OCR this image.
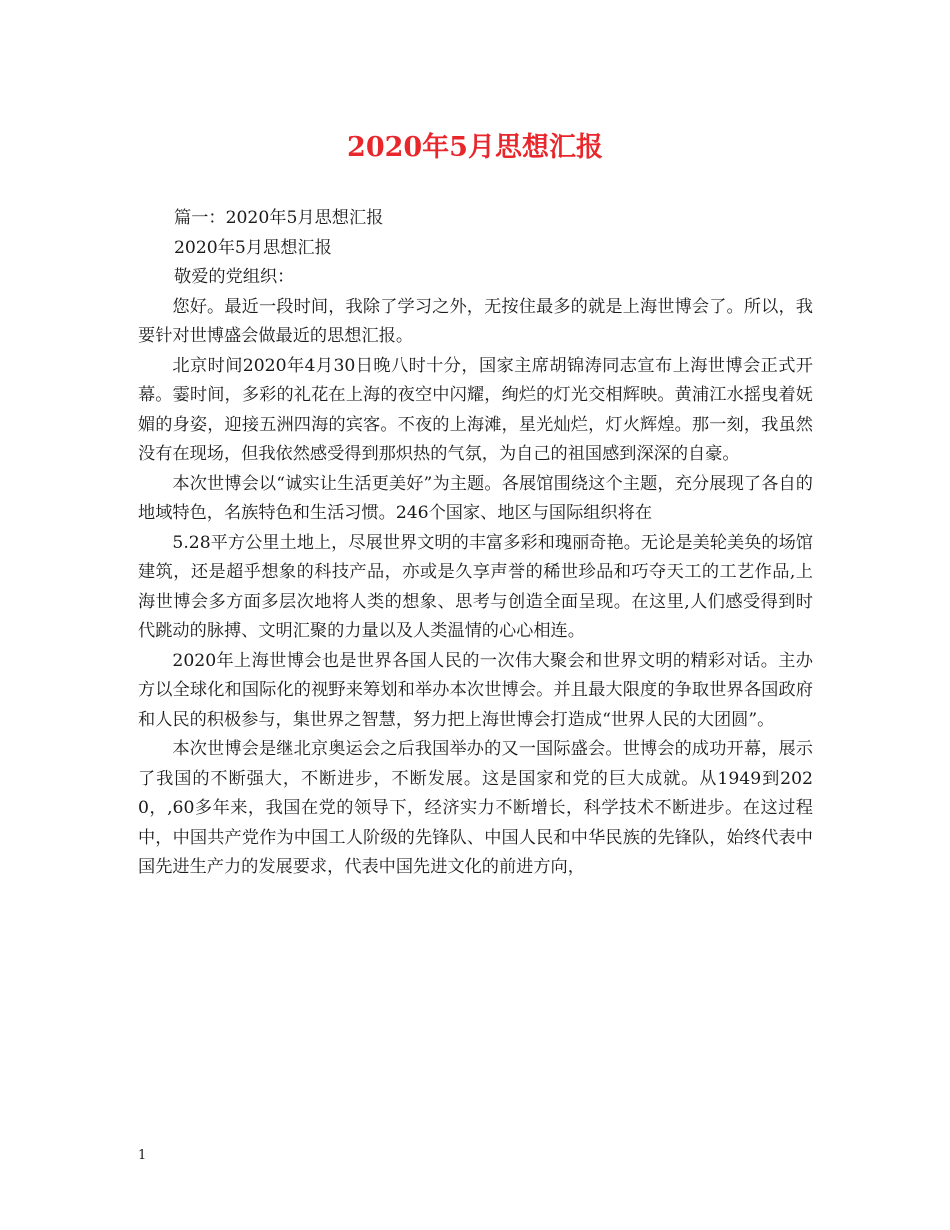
2020年5月思想汇报

篇一：2020年5月思想汇报

2020年5月思想汇报

敬爱的党组织：

您好。最近一段时间，我除了学习之外，无按住最多的就是上海世博会了。所以，我要针对世博盛会做最近的思想汇报。

北京时间2020年4月30日晚八时十分，国家主席胡锦涛同志宣布上海世博会正式开幕。霎时间，多彩的礼花在上海的夜空中闪耀，绚烂的灯光交相辉映。黄浦江水摇曳着妩媚的身姿，迎接五洲四海的宾客。不夜的上海滩，星光灿烂，灯火辉煌。那一刻，我虽然没有在现场，但我依然感受得到那炽热的气氛，为自己的祖国感到深深的自豪。

本次世博会以“诚实让生活更美好”为主题。各展馆围绕这个主题，充分展现了各自的地域特色，名族特色和生活习惯。246个国家、地区与国际组织将在

5.28平方公里土地上，尽展世界文明的丰富多彩和瑰丽奇艳。无论是美轮美奂的场馆建筑，还是超乎想象的科技产品，亦或是久享声誉的稀世珍品和巧夺天工的工艺作品,上海世博会多方面多层次地将人类的想象、思考与创造全面呈现。在这里,人们感受得到时代跳动的脉搏、文明汇聚的力量以及人类温情的心心相连。

2020年上海世博会也是世界各国人民的一次伟大聚会和世界文明的精彩对话。主办方以全球化和国际化的视野来筹划和举办本次世博会。并且最大限度的争取世界各国政府和人民的积极参与，集世界之智慧，努力把上海世博会打造成“世界人民的大团圆”。

本次世博会是继北京奥运会之后我国举办的又一国际盛会。世博会的成功开幕，展示了我国的不断强大，不断进步，不断发展。这是国家和党的巨大成就。从1949到2020，,60多年来，我国在党的领导下，经济实力不断增长，科学技术不断进步。在这过程中，中国共产党作为中国工人阶级的先锋队、中国人民和中华民族的先锋队，始终代表中国先进生产力的发展要求，代表中国先进文化的前进方向，

1
